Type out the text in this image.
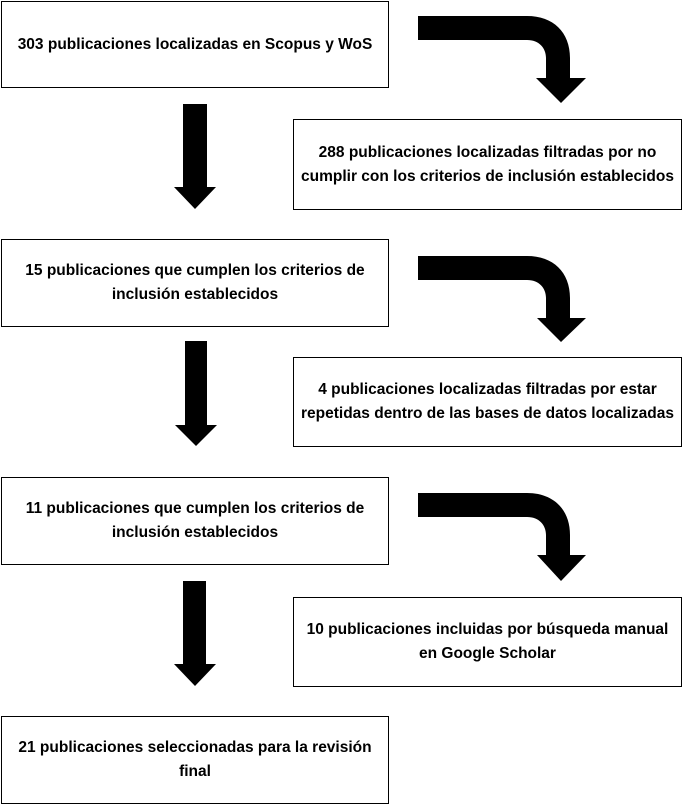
303 publicaciones localizadas en Scopus y WoS
15 publicaciones que cumplen los criterios de inclusión establecidos
11 publicaciones que cumplen los criterios de inclusión establecidos
21 publicaciones seleccionadas para la revisión final
288 publicaciones localizadas filtradas por no cumplir con los criterios de inclusión establecidos
4 publicaciones localizadas filtradas por estar repetidas dentro de las bases de datos localizadas
10 publicaciones incluidas por búsqueda manual en Google Scholar
